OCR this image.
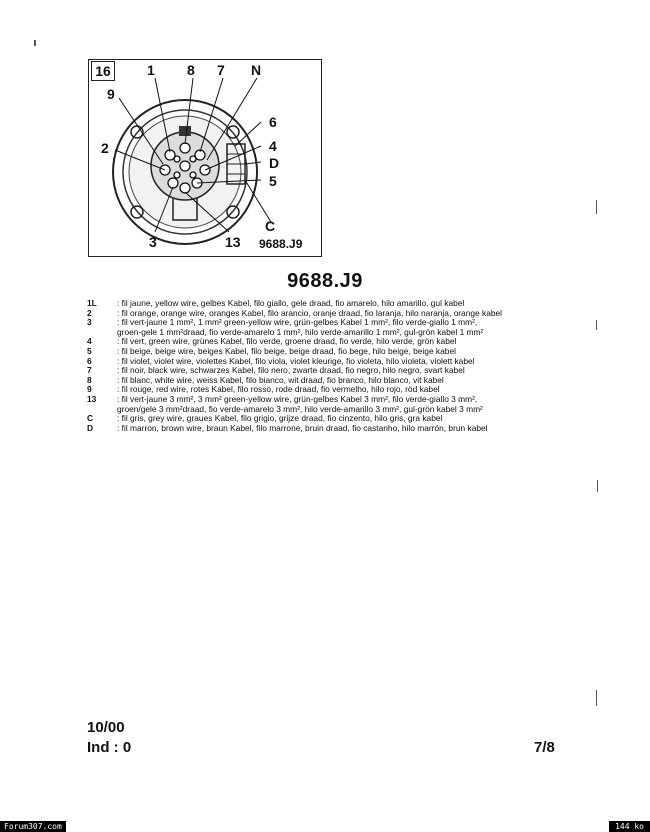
16	1 8 7 N
9
6
2	4
D
5
C
3	13 9688.J9
9688.J9
1L	: fil jaune, yellow wire, gelbes Kabel, filo giallo, gele draad, fio amarelo, hilo amarillo, gul kabel
2	: fil orange, orange wire, oranges Kabel, filo arancio, oranje draad, fio laranja, hilo naranja, orange kabel
3	: fil vert-jaune 1 mm², 1 mm² green-yellow wire, grün-gelbes Kabel 1 mm², filo verde-giallo 1 mm²,
groen-gele 1 mm²draad, fio verde-amarelo 1 mm², hilo verde-amarillo 1 mm², gul-grön kabel 1 mm²
4	: fil vert, green wire, grünes Kabel, filo verde, groene draad, fio verde, hilo verde, grön kabel
5	: fil beige, beige wire, beiges Kabel, filo beige, beige draad, fio bege, hilo beige, beige kabel
6	: fil violet, violet wire, violettes Kabel, filo viola, violet kleurige, fio violeta, hilo violeta, violett kabel
7	: fil noir, black wire, schwarzes Kabel, filo nero, zwarte draad, fio negro, hilo negro, svart kabel
8	: fil blanc, white wire, weiss Kabel, filo bianco, wit draad, fio branco, hilo blanco, vit kabel
9	: fil rouge, red wire, rotes Kabel, filo rosso, rode draad, fio vermelho, hilo rojo, röd kabel
13	: fil vert-jaune 3 mm², 3 mm² green-yellow wire, grün-gelbes Kabel 3 mm², filo verde-giallo 3 mm²,
groen/gele 3 mm²draad, fio verde-amarelo 3 mm², hilo verde-amarillo 3 mm², gul-grön kabel 3 mm²
C	: fil gris, grey wire, graues Kabel, filo grigio, grijze draad, fio cinzento, hilo gris, gra kabel
D	: fil marron, brown wire, braun Kabel, filo marrone, bruin draad, fio castanho, hilo marrón, brun kabel
10/00
Ind : 0	7/8
Forum307.com	144 ko
